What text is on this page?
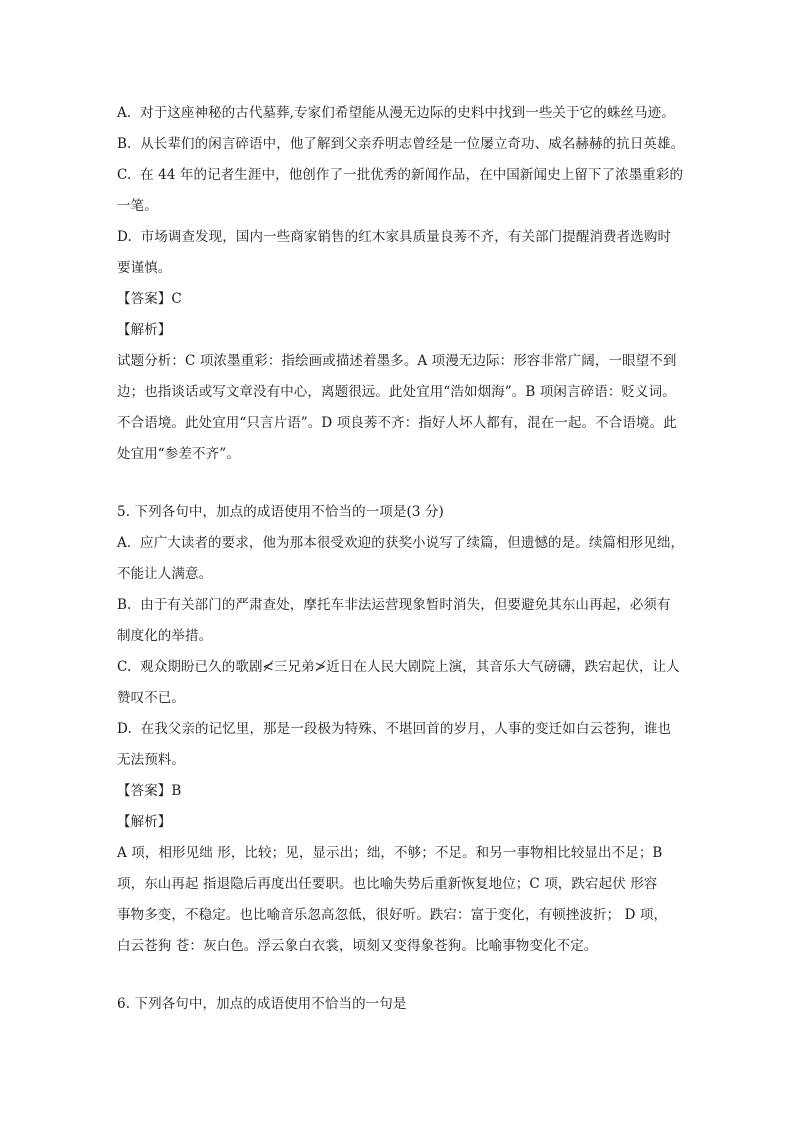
A. 对于这座神秘的古代墓葬,专家们希望能从漫无边际的史料中找到一些关于它的蛛丝马迹。
B. 从长辈们的闲言碎语中，他了解到父亲乔明志曾经是一位屡立奇功、威名赫赫的抗日英雄。
C. 在 44 年的记者生涯中，他创作了一批优秀的新闻作品，在中国新闻史上留下了浓墨重彩的
一笔。
D. 市场调查发现，国内一些商家销售的红木家具质量良莠不齐，有关部门提醒消费者选购时
要谨慎。
【答案】C
【解析】
试题分析：C 项浓墨重彩：指绘画或描述着墨多。A 项漫无边际：形容非常广阔，一眼望不到
边；也指谈话或写文章没有中心，离题很远。此处宜用“浩如烟海”。B 项闲言碎语：贬义词。
不合语境。此处宜用“只言片语”。D 项良莠不齐：指好人坏人都有，混在一起。不合语境。此
处宜用“参差不齐”。
5. 下列各句中，加点的成语使用不恰当的一项是(3 分)
A. 应广大读者的要求，他为那本很受欢迎的获奖小说写了续篇，但遗憾的是。续篇相形见绌，
不能让人满意。
B. 由于有关部门的严肃查处，摩托车非法运营现象暂时消失，但要避免其东山再起，必须有
制度化的举措。
C. 观众期盼已久的歌剧≮三兄弟≯近日在人民大剧院上演，其音乐大气磅礴，跌宕起伏，让人
赞叹不已。
D. 在我父亲的记忆里，那是一段极为特殊、不堪回首的岁月，人事的变迁如白云苍狗，谁也
无法预料。
【答案】B
【解析】
A 项，相形见绌 形，比较；见，显示出；绌，不够；不足。和另一事物相比较显出不足；B
项，东山再起 指退隐后再度出任要职。也比喻失势后重新恢复地位；C 项，跌宕起伏 形容
事物多变，不稳定。也比喻音乐忽高忽低，很好听。跌宕：富于变化，有顿挫波折； D 项，
白云苍狗 苍：灰白色。浮云象白衣裳，顷刻又变得象苍狗。比喻事物变化不定。
6. 下列各句中，加点的成语使用不恰当的一句是
